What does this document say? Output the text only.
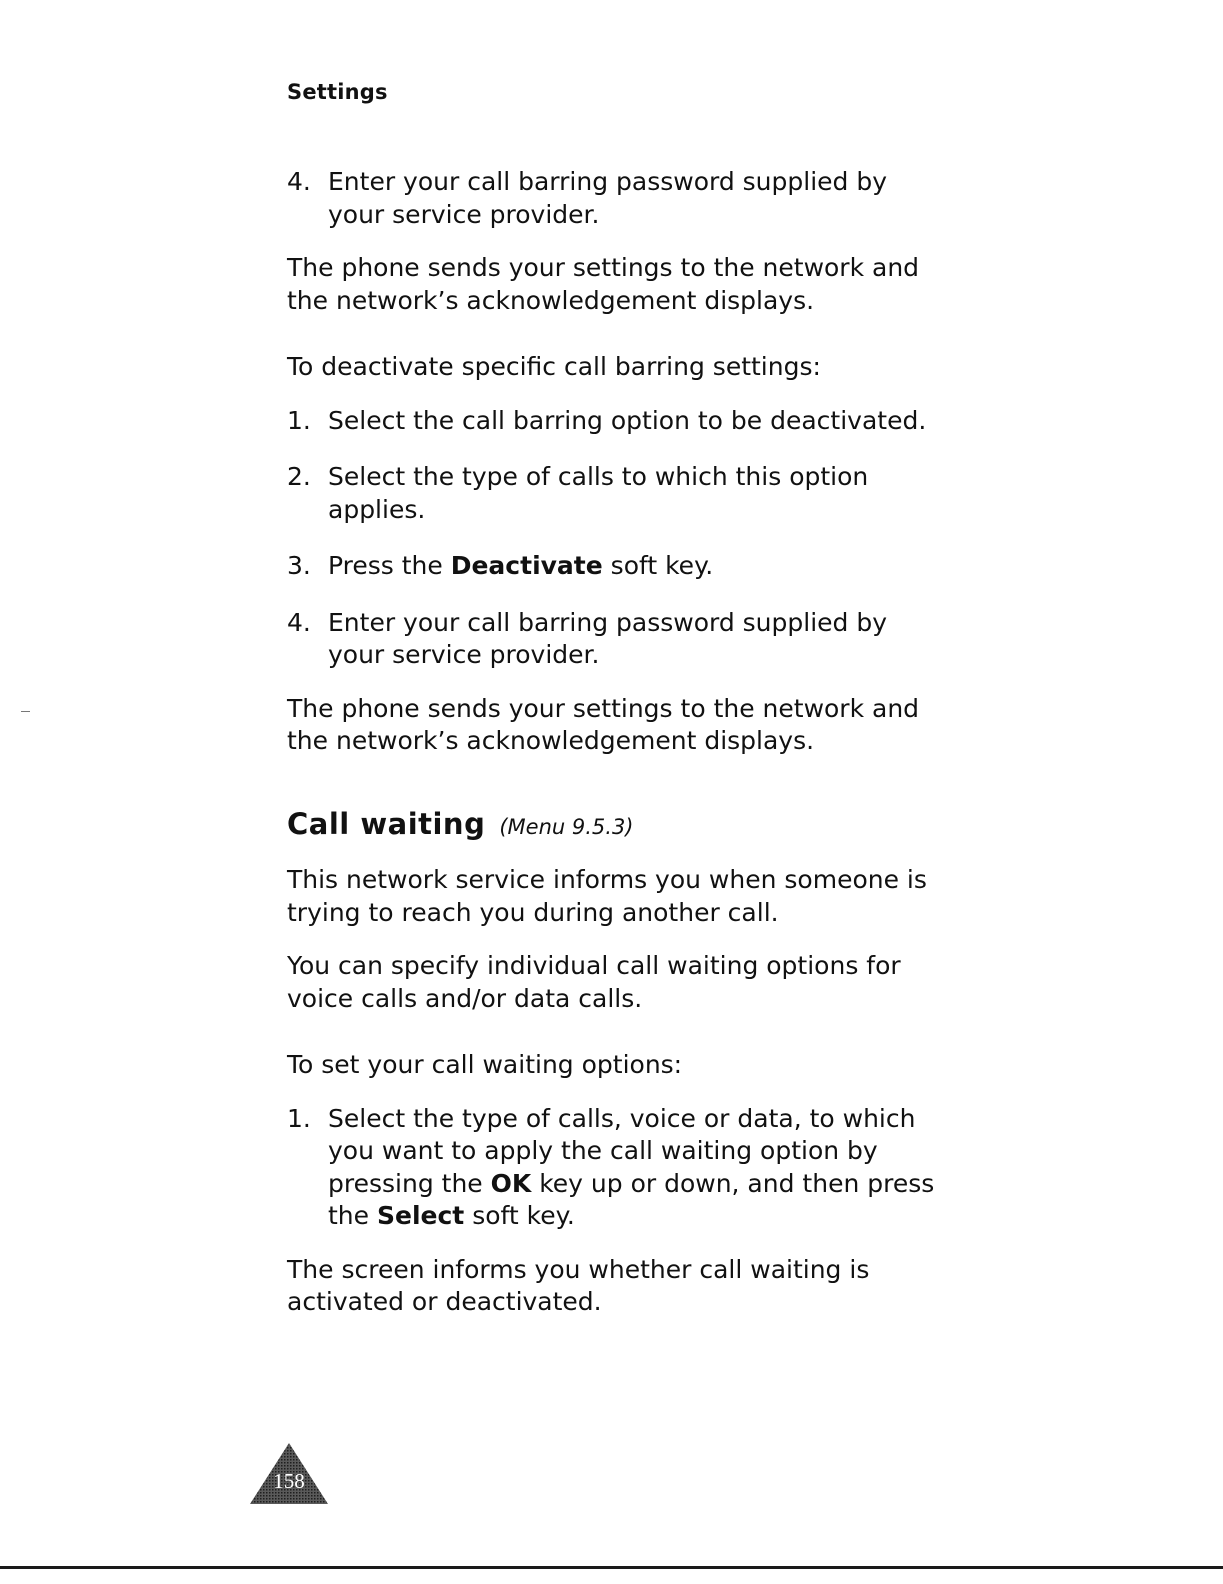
Settings
4. Enter your call barring password supplied by your service provider.

The phone sends your settings to the network and the network’s acknowledgement displays.

To deactivate specific call barring settings:

1. Select the call barring option to be deactivated.
2. Select the type of calls to which this option applies.
3. Press the Deactivate soft key.
4. Enter your call barring password supplied by your service provider.

The phone sends your settings to the network and the network’s acknowledgement displays.

Call waiting (Menu 9.5.3)

This network service informs you when someone is trying to reach you during another call.

You can specify individual call waiting options for voice calls and/or data calls.

To set your call waiting options:

1. Select the type of calls, voice or data, to which you want to apply the call waiting option by pressing the OK key up or down, and then press the Select soft key.

The screen informs you whether call waiting is activated or deactivated.

158
